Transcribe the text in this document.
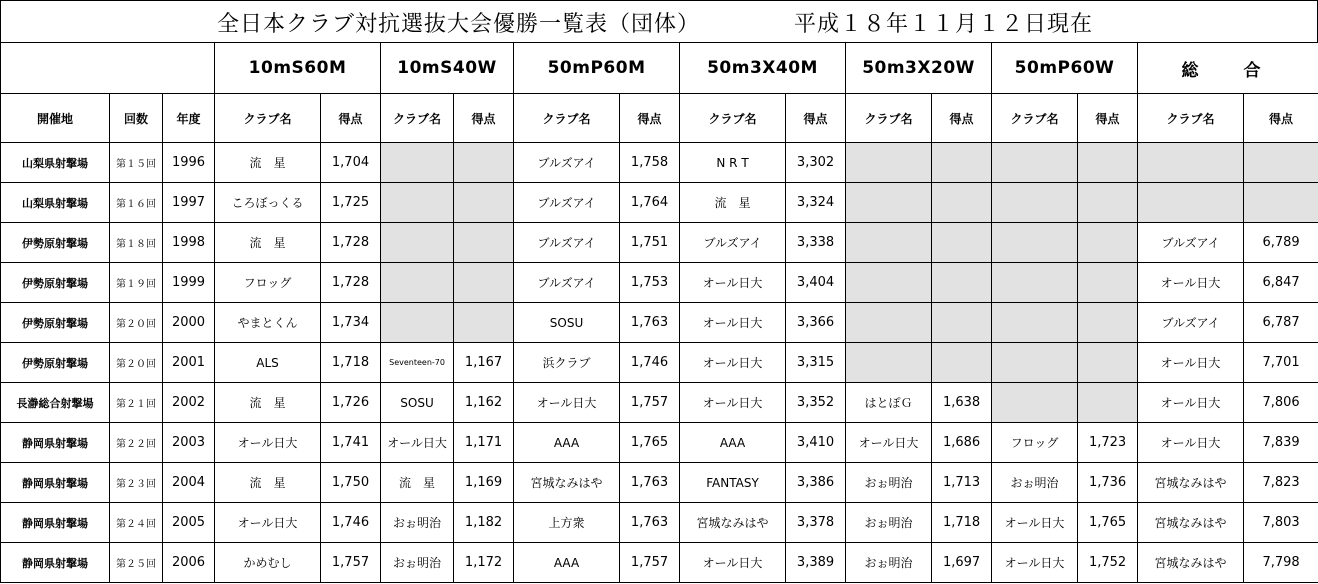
全日本クラブ対抗選抜大会優勝一覧表（団体）	平成１８年１１月１２日現在
			10mS60M		10mS40W		50mP60M		50m3X40M		50m3X20W		50mP60W		総　合	
開催地	回数	年度	クラブ名	得点	クラブ名	得点	クラブ名	得点	クラブ名	得点	クラブ名	得点	クラブ名	得点	クラブ名	得点
山梨県射撃場	第１５回	1996	流　星	1,704			ブルズアイ	1,758	N R T	3,302						
山梨県射撃場	第１６回	1997	ころぼっくる	1,725			ブルズアイ	1,764	流　星	3,324						
伊勢原射撃場	第１８回	1998	流　星	1,728			ブルズアイ	1,751	ブルズアイ	3,338					ブルズアイ	6,789
伊勢原射撃場	第１９回	1999	フロッグ	1,728			ブルズアイ	1,753	オール日大	3,404					オール日大	6,847
伊勢原射撃場	第２０回	2000	やまとくん	1,734			SOSU	1,763	オール日大	3,366					ブルズアイ	6,787
伊勢原射撃場	第２０回	2001	ALS	1,718	Seventeen-70	1,167	浜クラブ	1,746	オール日大	3,315					オール日大	7,701
長瀞総合射撃場	第２１回	2002	流　星	1,726	SOSU	1,162	オール日大	1,757	オール日大	3,352	はとぽＧ	1,638			オール日大	7,806
静岡県射撃場	第２２回	2003	オール日大	1,741	オール日大	1,171	AAA	1,765	AAA	3,410	オール日大	1,686	フロッグ	1,723	オール日大	7,839
静岡県射撃場	第２３回	2004	流　星	1,750	流　星	1,169	宮城なみはや	1,763	FANTASY	3,386	おぉ明治	1,713	おぉ明治	1,736	宮城なみはや	7,823
静岡県射撃場	第２４回	2005	オール日大	1,746	おぉ明治	1,182	上方衆	1,763	宮城なみはや	3,378	おぉ明治	1,718	オール日大	1,765	宮城なみはや	7,803
静岡県射撃場	第２５回	2006	かめむし	1,757	おぉ明治	1,172	AAA	1,757	オール日大	3,389	おぉ明治	1,697	オール日大	1,752	宮城なみはや	7,798
